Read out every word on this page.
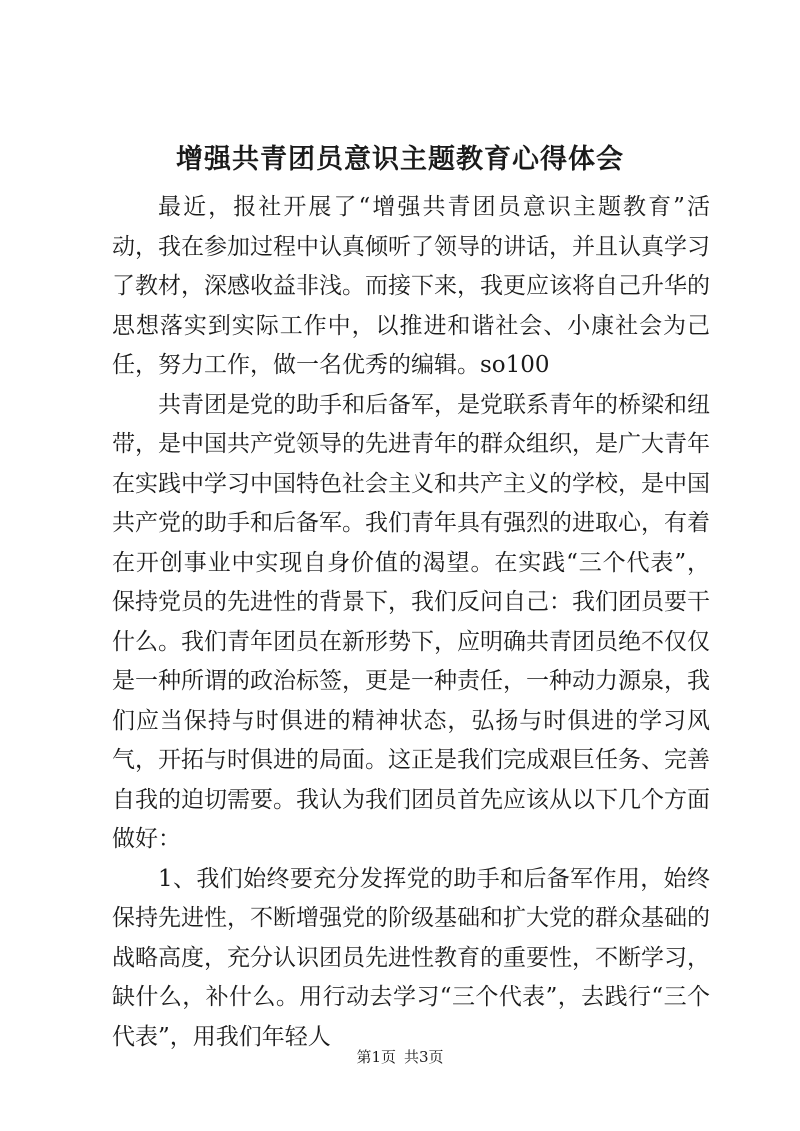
增强共青团员意识主题教育心得体会

最近，报社开展了“增强共青团员意识主题教育”活动，我在参加过程中认真倾听了领导的讲话，并且认真学习了教材，深感收益非浅。而接下来，我更应该将自己升华的思想落实到实际工作中，以推进和谐社会、小康社会为己任，努力工作，做一名优秀的编辑。so100

共青团是党的助手和后备军，是党联系青年的桥梁和纽带，是中国共产党领导的先进青年的群众组织，是广大青年在实践中学习中国特色社会主义和共产主义的学校，是中国共产党的助手和后备军。我们青年具有强烈的进取心，有着在开创事业中实现自身价值的渴望。在实践“三个代表”，保持党员的先进性的背景下，我们反问自己：我们团员要干什么。我们青年团员在新形势下，应明确共青团员绝不仅仅是一种所谓的政治标签，更是一种责任，一种动力源泉，我们应当保持与时俱进的精神状态，弘扬与时俱进的学习风气，开拓与时俱进的局面。这正是我们完成艰巨任务、完善自我的迫切需要。我认为我们团员首先应该从以下几个方面做好：

1、我们始终要充分发挥党的助手和后备军作用，始终保持先进性，不断增强党的阶级基础和扩大党的群众基础的战略高度，充分认识团员先进性教育的重要性，不断学习，缺什么，补什么。用行动去学习“三个代表”，去践行“三个代表”，用我们年轻人

第1页 共3页
